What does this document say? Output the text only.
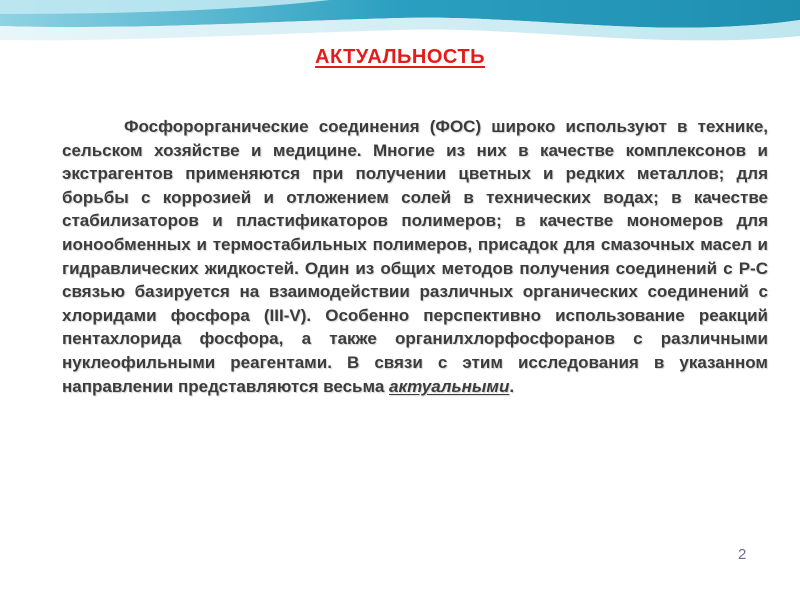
АКТУАЛЬНОСТЬ
Фосфорорганические соединения (ФОС) широко используют в технике, сельском хозяйстве и медицине. Многие из них в качестве комплексонов и экстрагентов применяются при получении цветных и редких металлов; для борьбы с коррозией и отложением солей в технических водах; в качестве стабилизаторов и пластификаторов полимеров; в качестве мономеров для ионообменных и термостабильных полимеров, присадок для смазочных масел и гидравлических жидкостей. Один из общих методов получения соединений с Р-С связью базируется на взаимодействии различных органических соединений с хлоридами фосфора (III-V). Особенно перспективно использование реакций пентахлорида фосфора, а также органилхлорфосфоранов с различными нуклеофильными реагентами. В связи с этим исследования в указанном направлении представляются весьма актуальными.
2
